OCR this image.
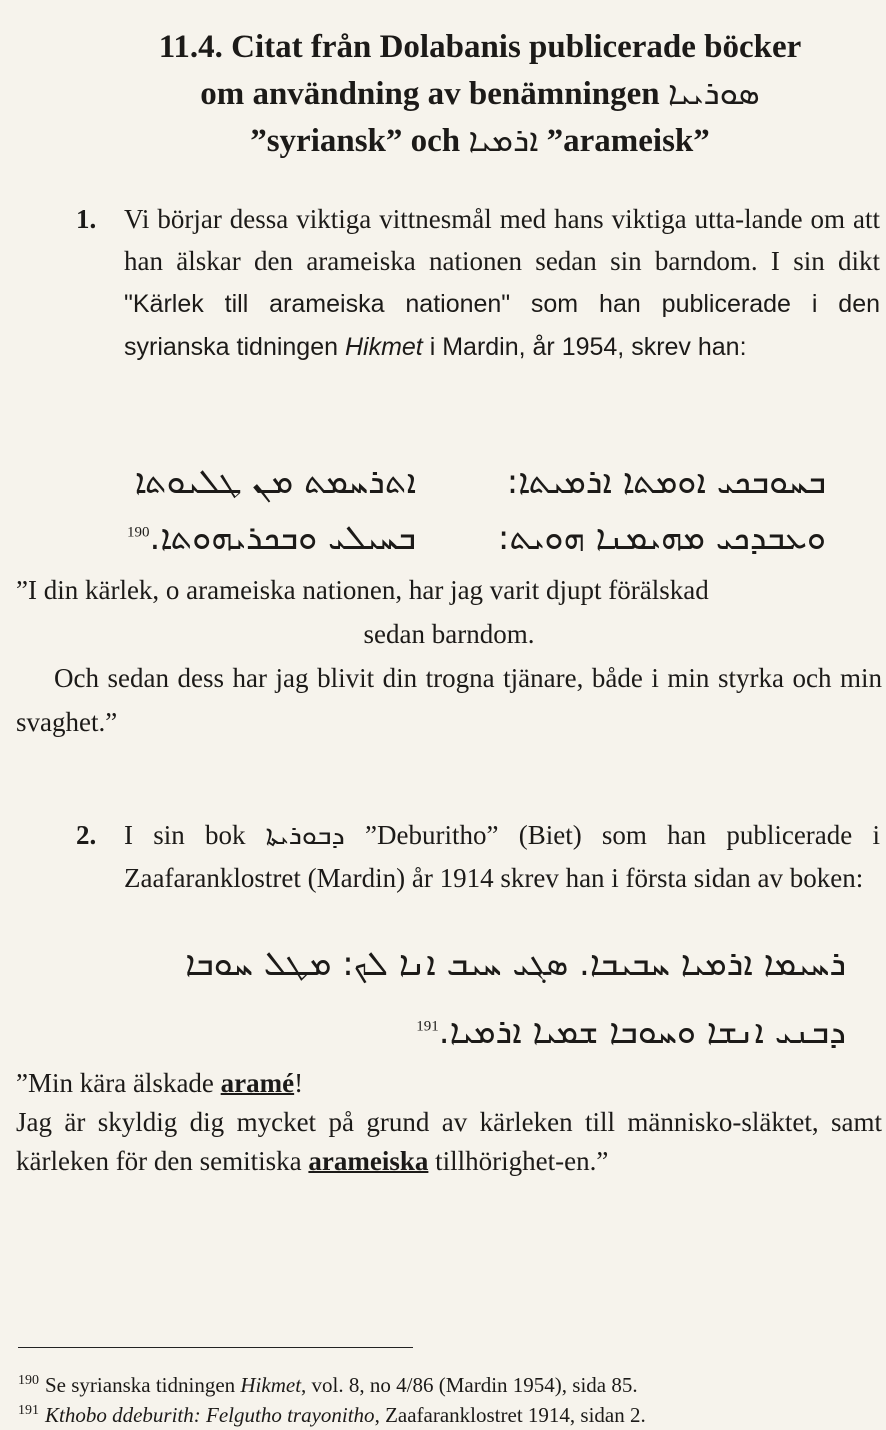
11.4. Citat från Dolabanis publicerade böcker
om användning av benämningen ܣܘܪܝܝܐ
”syriansk” och ܐܪܡܝܐ ”arameisk”
1. Vi börjar dessa viktiga vittnesmål med hans viktiga utta-lande om att han älskar den arameiska nationen sedan sin barndom. I sin dikt "Kärlek till arameiska nationen" som han publicerade i den syrianska tidningen Hikmet i Mardin, år 1954, skrev han:
ܒܚܘܒܟܝ ܐܘܡܬܐ ܐܪܡܝܬܐ:
ܐܬܪܚܡܬ ܡܢ ܛܠܝܘܬܐ
ܘܥܒܕܟܝ ܡܗܝܡܢܐ ܗܘܝܬ:
ܒܚܝܠܝ ܘܒܟܪܝܗܘܬܐ.$^{190}$
”I din kärlek, o arameiska nationen, har jag varit djupt förälskad
sedan barndom.
Och sedan dess har jag blivit din trogna tjänare, både i min styrka och min svaghet.”
2. I sin bok ܕܒܘܪܝܬܐ ”Deburitho” (Biet) som han publicerade i Zaafaranklostret (Mardin) år 1914 skrev han i första sidan av boken:
ܪܚܝܡܐ ܐܪܡܝܐ ܚܒܝܒܐ. ܣܓܝ ܚܝܒ ܐܢܐ ܠܟ: ܡܛܠ ܚܘܒܐ
ܕܒܢܝ ܐܢܫܐ ܘܚܘܒܐ ܫܡܝܐ ܐܪܡܝܐ.$^{191}$
”Min kära älskade aramé!
Jag är skyldig dig mycket på grund av kärleken till människo-släktet, samt kärleken för den semitiska arameiska tillhörighet-en.”
$^{190}$ Se syrianska tidningen Hikmet, vol. 8, no 4/86 (Mardin 1954), sida 85.
$^{191}$ Kthobo ddeburith: Felgutho trayonitho, Zaafaranklostret 1914, sidan 2.
